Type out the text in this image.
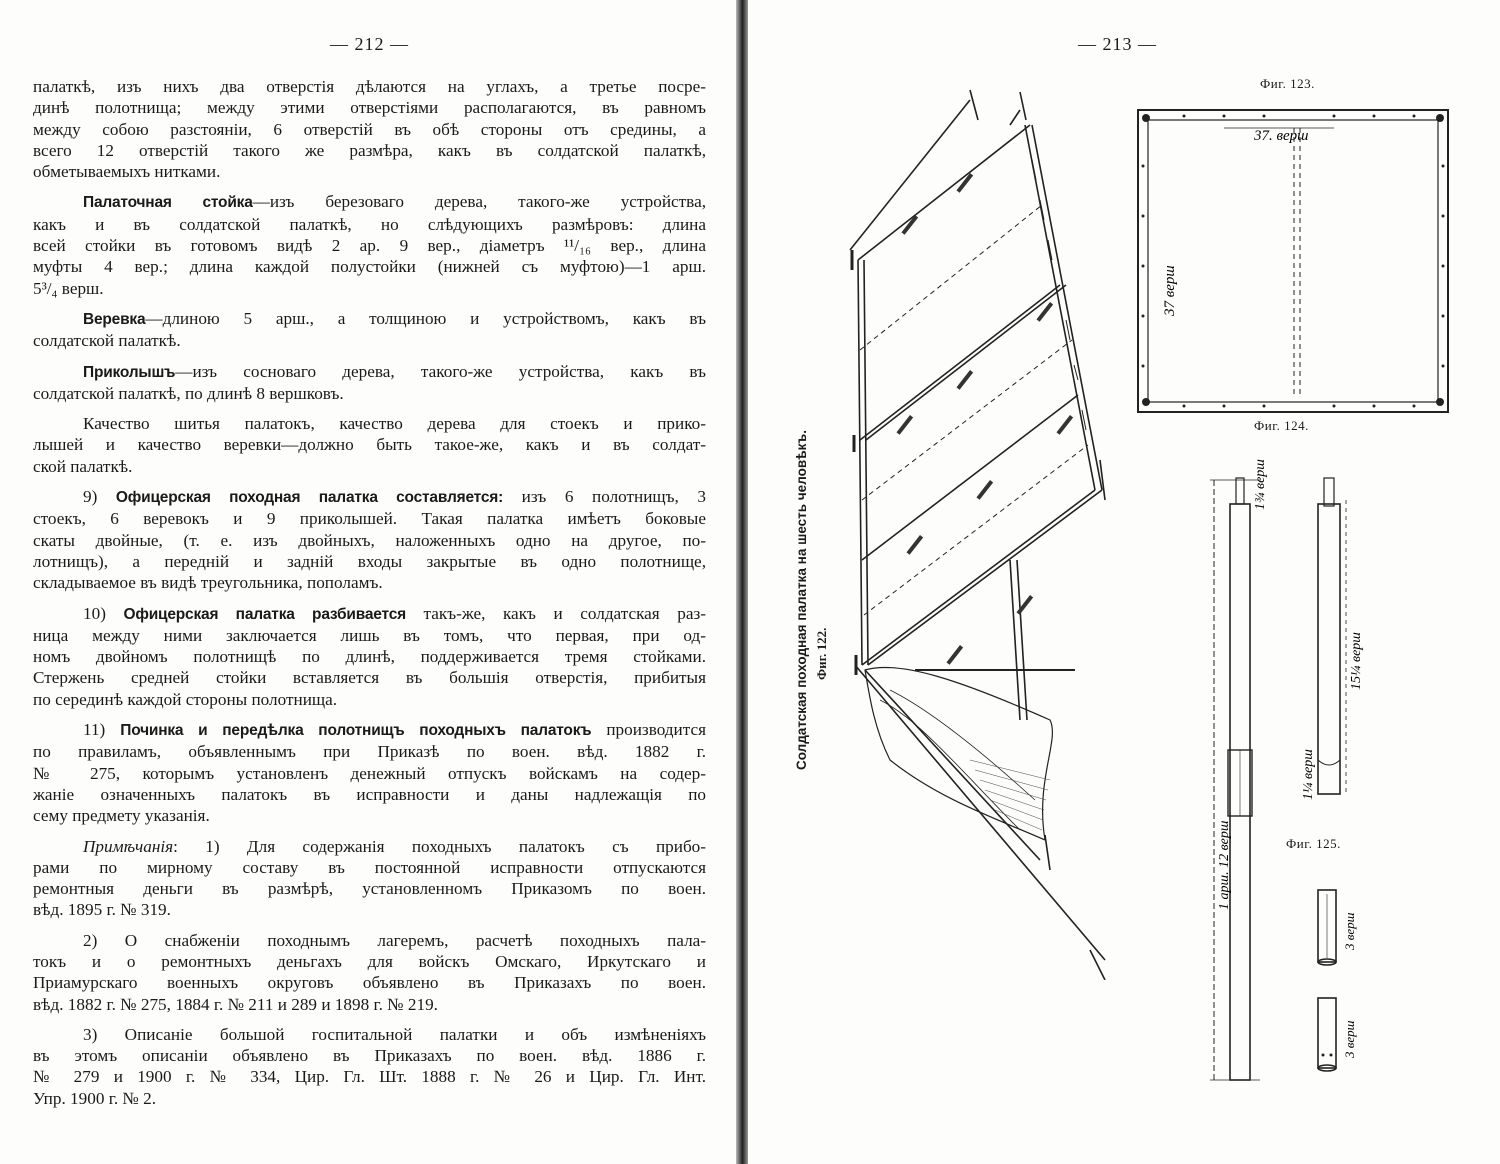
— 212 —
палаткѣ, изъ нихъ два отверстія дѣлаются на углахъ, а третье посре-
динѣ полотнища; между этими отверстіями располагаются, въ равномъ
между собою разстояніи, 6 отверстій въ обѣ стороны отъ средины, а
всего 12 отверстій такого же размѣра, какъ въ солдатской палаткѣ,
обметываемыхъ нитками.
Палаточная стойка—изъ березоваго дерева, такого-же устройства,
какъ и въ солдатской палаткѣ, но слѣдующихъ размѣровъ: длина
всей стойки въ готовомъ видѣ 2 ар. 9 вер., діаметръ ¹¹/₁₆ вер., длина
муфты 4 вер.; длина каждой полустойки (нижней съ муфтою)—1 арш.
5³/₄ верш.
Веревка—длиною 5 арш., а толщиною и устройствомъ, какъ въ
солдатской палаткѣ.
Приколышъ—изъ сосноваго дерева, такого-же устройства, какъ въ
солдатской палаткѣ, по длинѣ 8 вершковъ.
Качество шитья палатокъ, качество дерева для стоекъ и прико-
лышей и качество веревки—должно быть такое-же, какъ и въ солдат-
ской палаткѣ.
9) Офицерская походная палатка составляется: изъ 6 полотнищъ, 3
стоекъ, 6 веревокъ и 9 приколышей. Такая палатка имѣетъ боковые
скаты двойные, (т. е. изъ двойныхъ, наложенныхъ одно на другое, по-
лотнищъ), а передній и задній входы закрытые въ одно полотнище,
складываемое въ видѣ треугольника, пополамъ.
10) Офицерская палатка разбивается такъ-же, какъ и солдатская раз-
ница между ними заключается лишь въ томъ, что первая, при од-
номъ двойномъ полотнищѣ по длинѣ, поддерживается тремя стойками.
Стержень средней стойки вставляется въ большія отверстія, прибитыя
по серединѣ каждой стороны полотнища.
11) Починка и передѣлка полотнищъ походныхъ палатокъ производится
по правиламъ, объявленнымъ при Приказѣ по воен. вѣд. 1882 г.
№ 275, которымъ установленъ денежный отпускъ войскамъ на содер-
жаніе означенныхъ палатокъ въ исправности и даны надлежащія по
сему предмету указанія.
Примѣчанія: 1) Для содержанія походныхъ палатокъ съ прибо-
рами по мирному составу въ постоянной исправности отпускаются
ремонтныя деньги въ размѣрѣ, установленномъ Приказомъ по воен.
вѣд. 1895 г. № 319.
2) О снабженіи походнымъ лагеремъ, расчетѣ походныхъ пала-
токъ и о ремонтныхъ деньгахъ для войскъ Омскаго, Иркутскаго и
Приамурскаго военныхъ округовъ объявлено въ Приказахъ по воен.
вѣд. 1882 г. № 275, 1884 г. № 211 и 289 и 1898 г. № 219.
3) Описаніе большой госпитальной палатки и объ измѣненіяхъ
въ этомъ описаніи объявлено въ Приказахъ по воен. вѣд. 1886 г.
№ 279 и 1900 г. № 334, Цир. Гл. Шт. 1888 г. № 26 и Цир. Гл. Инт.
Упр. 1900 г. № 2.
— 213 —
Фиг. 123.
Фиг. 124.
Фиг. 125.
Солдатская походная палатка на шесть человѣкъ. Фиг. 122.
37. верш
37 верш
1¾ верш
1 арш. 12 верш
15¼ верш
1¼ верш
3 верш
3 верш
